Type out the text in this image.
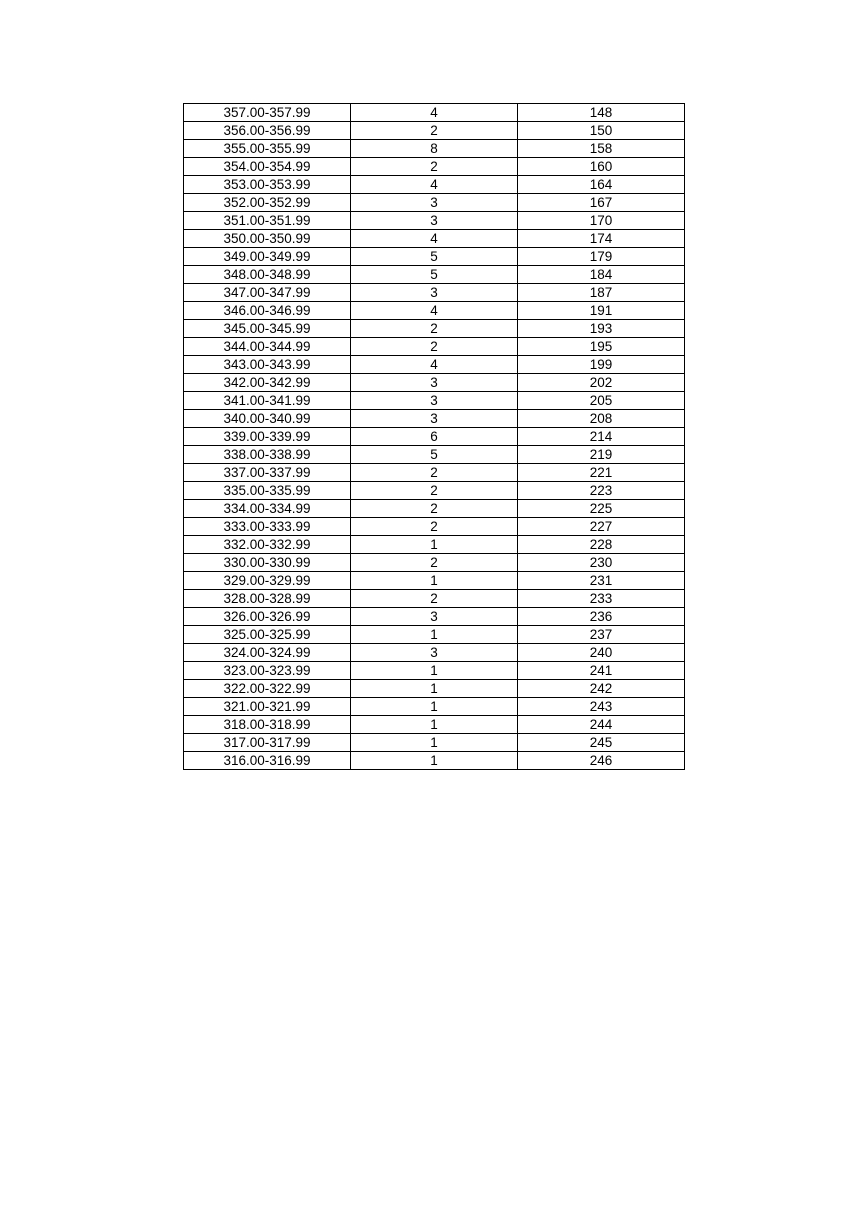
357.00-357.99	4	148
356.00-356.99	2	150
355.00-355.99	8	158
354.00-354.99	2	160
353.00-353.99	4	164
352.00-352.99	3	167
351.00-351.99	3	170
350.00-350.99	4	174
349.00-349.99	5	179
348.00-348.99	5	184
347.00-347.99	3	187
346.00-346.99	4	191
345.00-345.99	2	193
344.00-344.99	2	195
343.00-343.99	4	199
342.00-342.99	3	202
341.00-341.99	3	205
340.00-340.99	3	208
339.00-339.99	6	214
338.00-338.99	5	219
337.00-337.99	2	221
335.00-335.99	2	223
334.00-334.99	2	225
333.00-333.99	2	227
332.00-332.99	1	228
330.00-330.99	2	230
329.00-329.99	1	231
328.00-328.99	2	233
326.00-326.99	3	236
325.00-325.99	1	237
324.00-324.99	3	240
323.00-323.99	1	241
322.00-322.99	1	242
321.00-321.99	1	243
318.00-318.99	1	244
317.00-317.99	1	245
316.00-316.99	1	246
